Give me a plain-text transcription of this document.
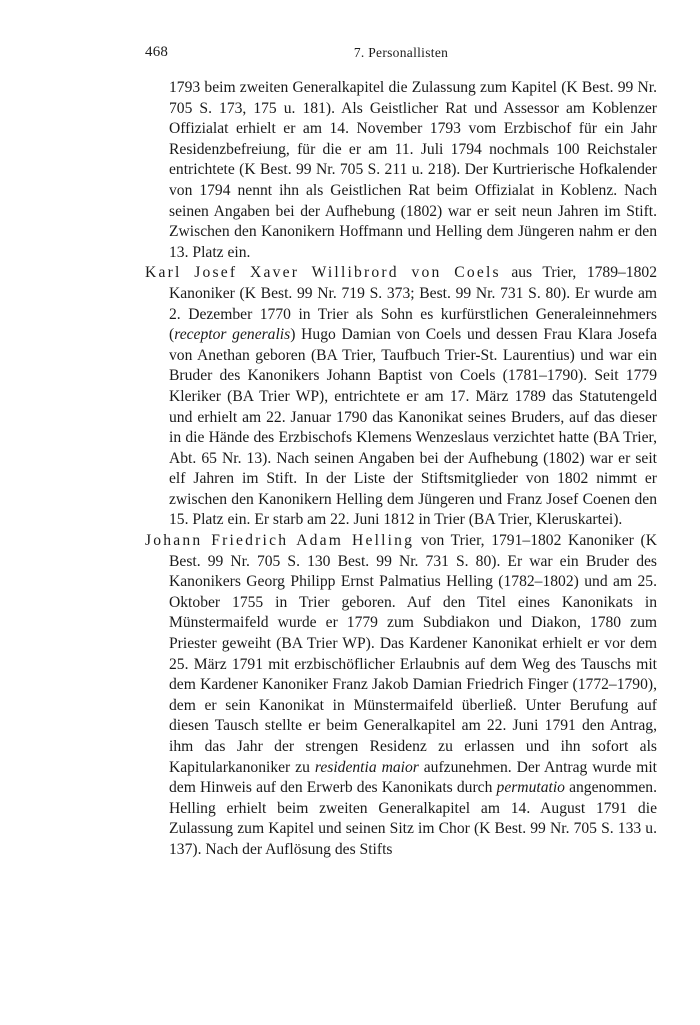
468	7. Personallisten

1793 beim zweiten Generalkapitel die Zulassung zum Kapitel (K Best. 99 Nr. 705 S. 173, 175 u. 181). Als Geistlicher Rat und Assessor am Koblenzer Offizialat erhielt er am 14. November 1793 vom Erzbischof für ein Jahr Residenzbefreiung, für die er am 11. Juli 1794 nochmals 100 Reichstaler entrichtete (K Best. 99 Nr. 705 S. 211 u. 218). Der Kurtrierische Hofkalender von 1794 nennt ihn als Geistlichen Rat beim Offizialat in Koblenz. Nach seinen Angaben bei der Aufhebung (1802) war er seit neun Jahren im Stift. Zwischen den Kanonikern Hoffmann und Helling dem Jüngeren nahm er den 13. Platz ein.

Karl Josef Xaver Willibrord von Coels aus Trier, 1789–1802 Kanoniker (K Best. 99 Nr. 719 S. 373; Best. 99 Nr. 731 S. 80). Er wurde am 2. Dezember 1770 in Trier als Sohn es kurfürstlichen Generaleinnehmers (receptor generalis) Hugo Damian von Coels und dessen Frau Klara Josefa von Anethan geboren (BA Trier, Taufbuch Trier-St. Laurentius) und war ein Bruder des Kanonikers Johann Baptist von Coels (1781–1790). Seit 1779 Kleriker (BA Trier WP), entrichtete er am 17. März 1789 das Statutengeld und erhielt am 22. Januar 1790 das Kanonikat seines Bruders, auf das dieser in die Hände des Erzbischofs Klemens Wenzeslaus verzichtet hatte (BA Trier, Abt. 65 Nr. 13). Nach seinen Angaben bei der Aufhebung (1802) war er seit elf Jahren im Stift. In der Liste der Stiftsmitglieder von 1802 nimmt er zwischen den Kanonikern Helling dem Jüngeren und Franz Josef Coenen den 15. Platz ein. Er starb am 22. Juni 1812 in Trier (BA Trier, Kleruskartei).

Johann Friedrich Adam Helling von Trier, 1791–1802 Kanoniker (K Best. 99 Nr. 705 S. 130 Best. 99 Nr. 731 S. 80). Er war ein Bruder des Kanonikers Georg Philipp Ernst Palmatius Helling (1782–1802) und am 25. Oktober 1755 in Trier geboren. Auf den Titel eines Kanonikats in Münstermaifeld wurde er 1779 zum Subdiakon und Diakon, 1780 zum Priester geweiht (BA Trier WP). Das Kardener Kanonikat erhielt er vor dem 25. März 1791 mit erzbischöflicher Erlaubnis auf dem Weg des Tauschs mit dem Kardener Kanoniker Franz Jakob Damian Friedrich Finger (1772–1790), dem er sein Kanonikat in Münstermaifeld überließ. Unter Berufung auf diesen Tausch stellte er beim Generalkapitel am 22. Juni 1791 den Antrag, ihm das Jahr der strengen Residenz zu erlassen und ihn sofort als Kapitularkanoniker zu residentia maior aufzunehmen. Der Antrag wurde mit dem Hinweis auf den Erwerb des Kanonikats durch permutatio angenommen. Helling erhielt beim zweiten Generalkapitel am 14. August 1791 die Zulassung zum Kapitel und seinen Sitz im Chor (K Best. 99 Nr. 705 S. 133 u. 137). Nach der Auflösung des Stifts
